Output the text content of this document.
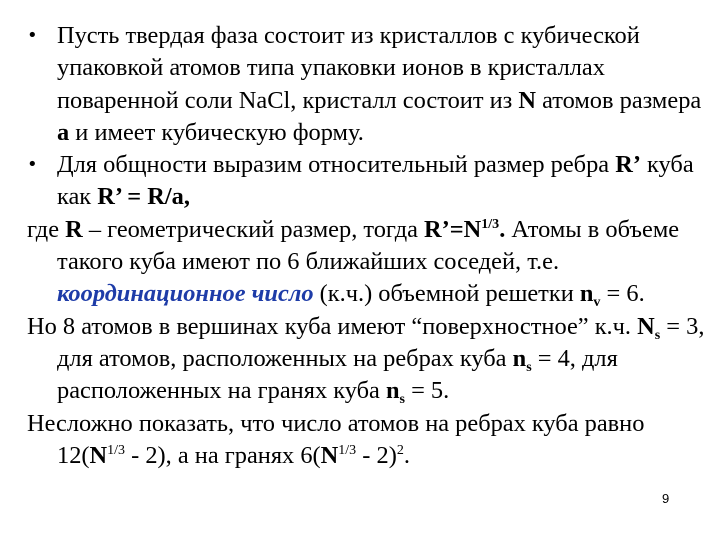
• Пусть твердая фаза состоит из кристаллов с кубической упаковкой атомов типа упаковки ионов в кристаллах поваренной соли NaCl, кристалл состоит из N атомов размера a и имеет кубическую форму.

• Для общности выразим относительный размер ребра R’ куба как R’ = R/a,

где R – геометрический размер, тогда $R’=N^{1/3}$. Атомы в объеме такого куба имеют по 6 ближайших соседей, т.е. координационное число (к.ч.) объемной решетки $n_v = 6$.

Но 8 атомов в вершинах куба имеют “поверхностное” к.ч. $N_s = 3$, для атомов, расположенных на ребрах куба $n_s = 4$, для расположенных на гранях куба $n_s = 5$.

Несложно показать, что число атомов на ребрах куба равно $12(N^{1/3} - 2)$, а на гранях $6(N^{1/3} - 2)^2$.

9
